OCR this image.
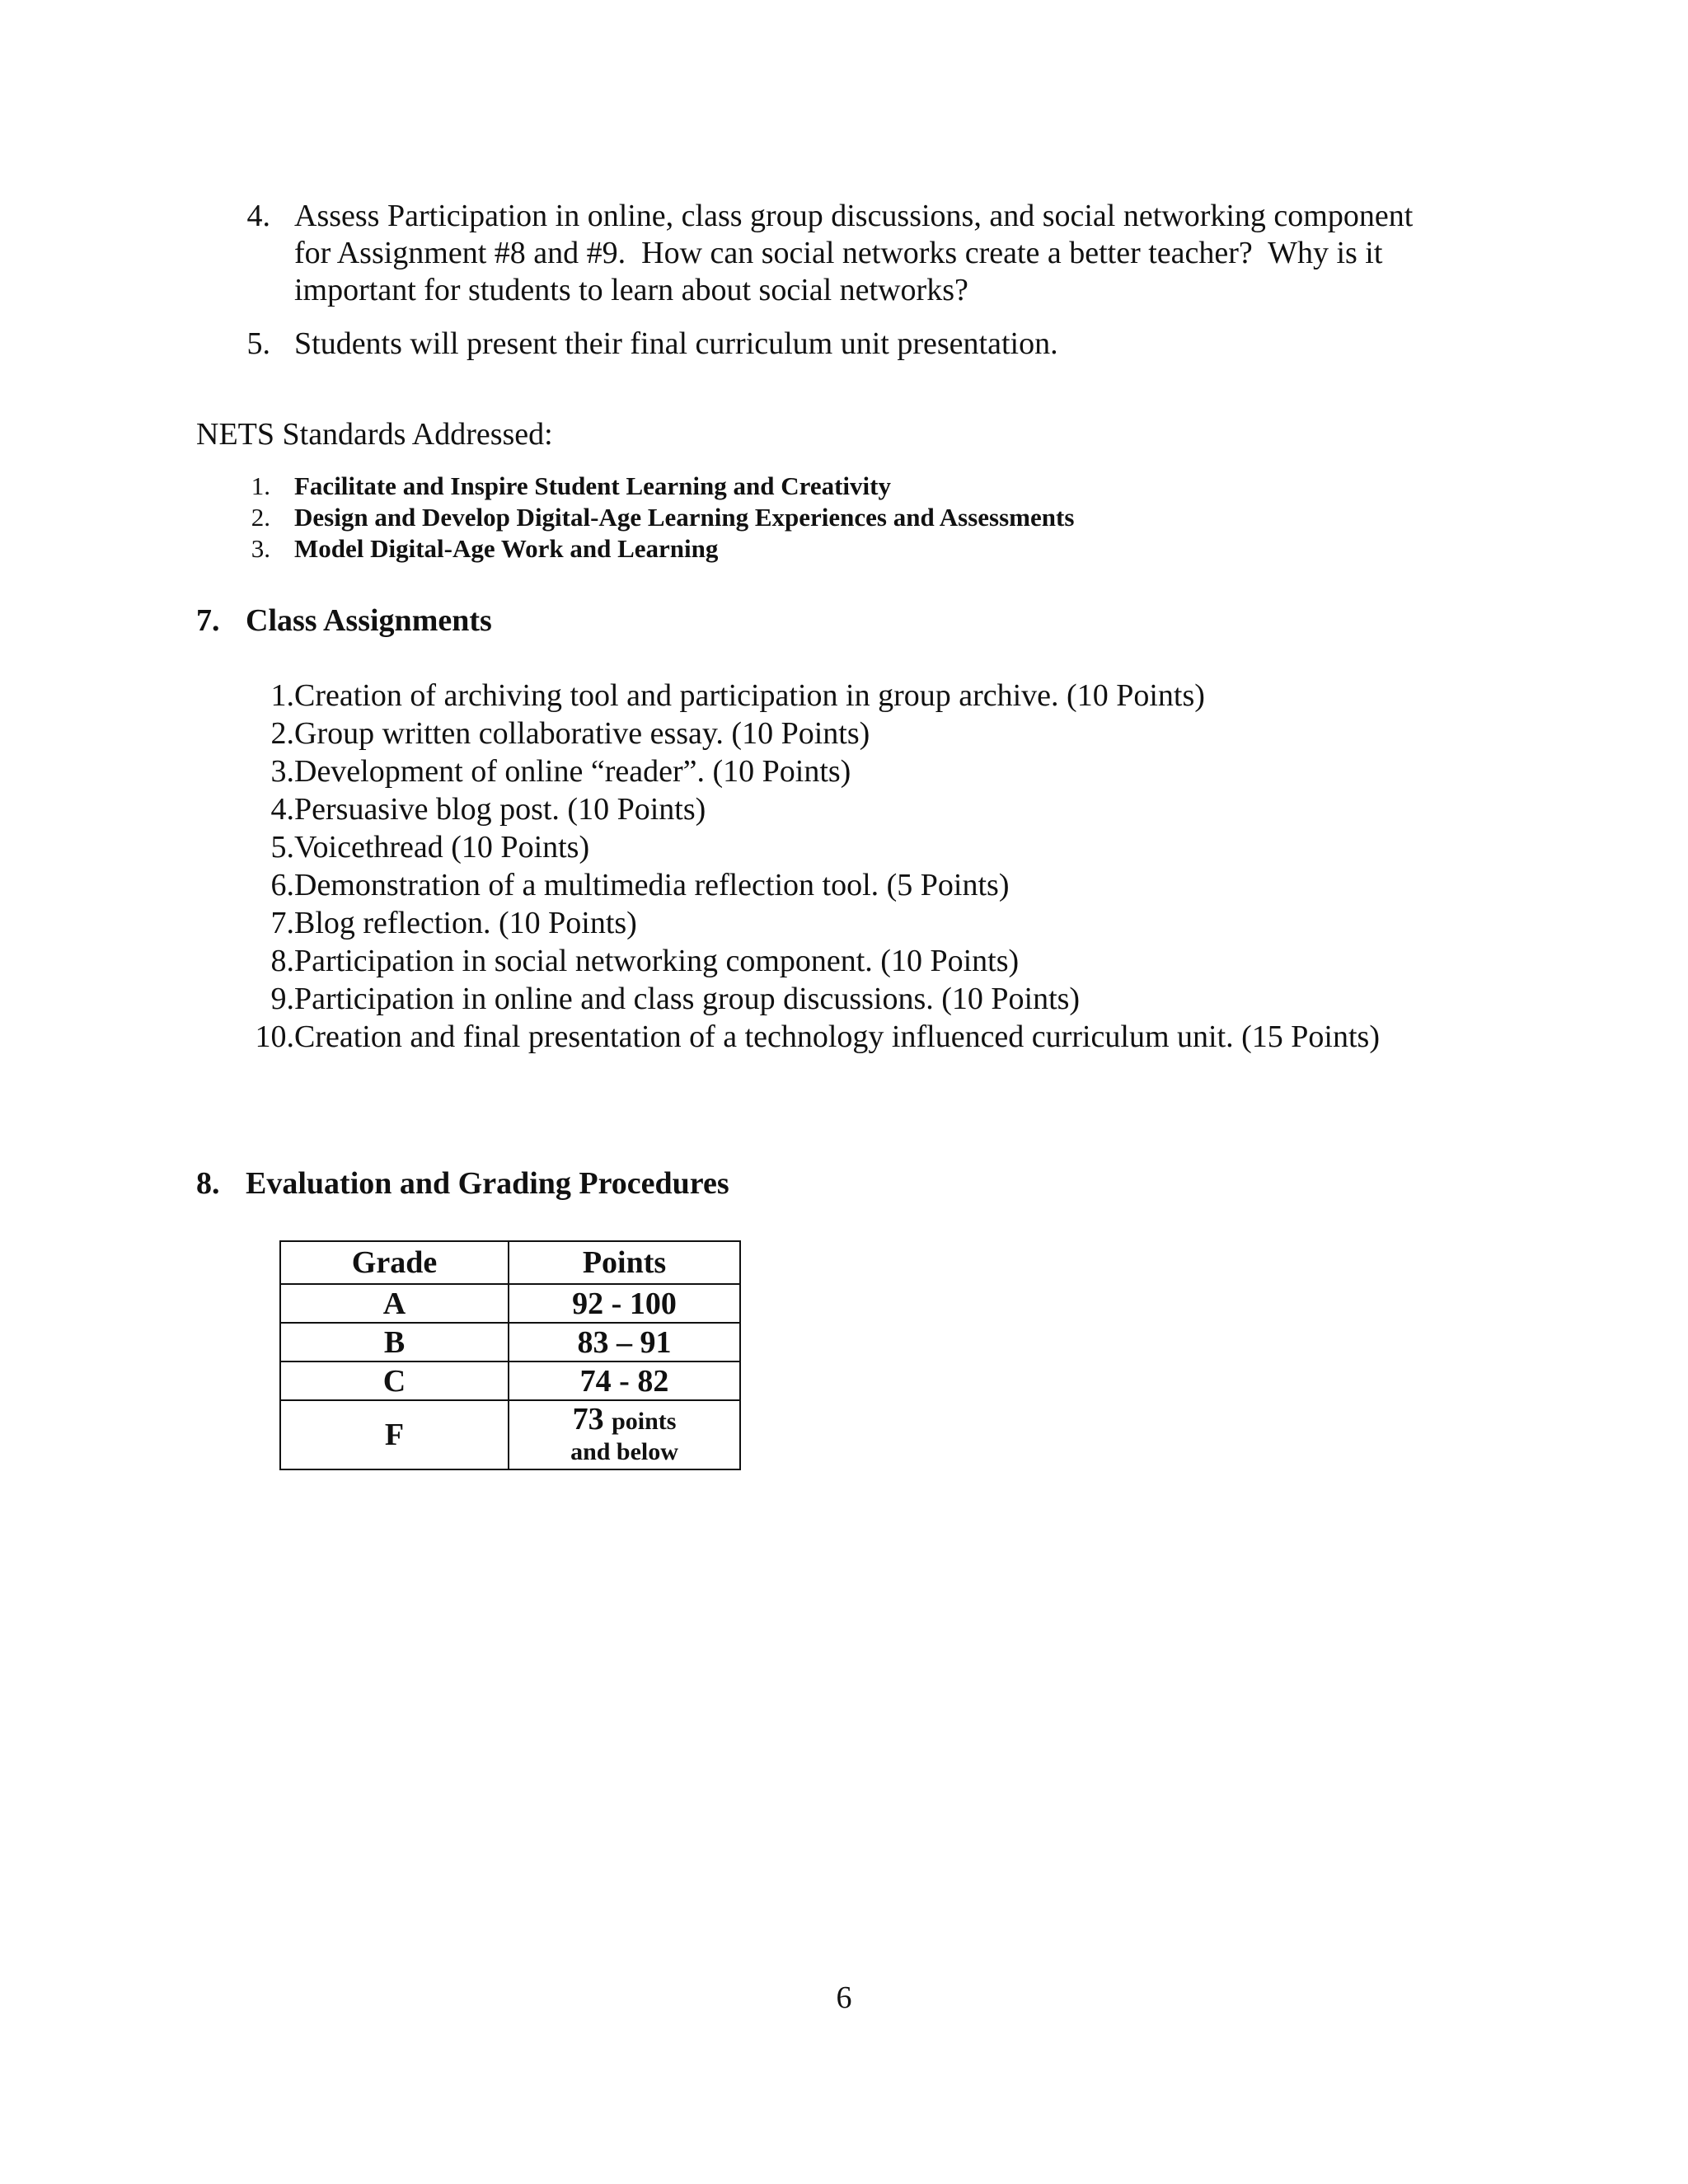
4. Assess Participation in online, class group discussions, and social networking component
for Assignment #8 and #9.  How can social networks create a better teacher?  Why is it
important for students to learn about social networks?
5. Students will present their final curriculum unit presentation.
NETS Standards Addressed:
1. Facilitate and Inspire Student Learning and Creativity
2. Design and Develop Digital-Age Learning Experiences and Assessments
3. Model Digital-Age Work and Learning
7. Class Assignments
1. Creation of archiving tool and participation in group archive. (10 Points)
2. Group written collaborative essay. (10 Points)
3. Development of online “reader”. (10 Points)
4. Persuasive blog post. (10 Points)
5. Voicethread (10 Points)
6. Demonstration of a multimedia reflection tool. (5 Points)
7. Blog reflection. (10 Points)
8. Participation in social networking component. (10 Points)
9. Participation in online and class group discussions. (10 Points)
10. Creation and final presentation of a technology influenced curriculum unit. (15 Points)
8. Evaluation and Grading Procedures
Grade	Points
A	92 - 100
B	83 – 91
C	74 - 82
F	73 points
and below
6
